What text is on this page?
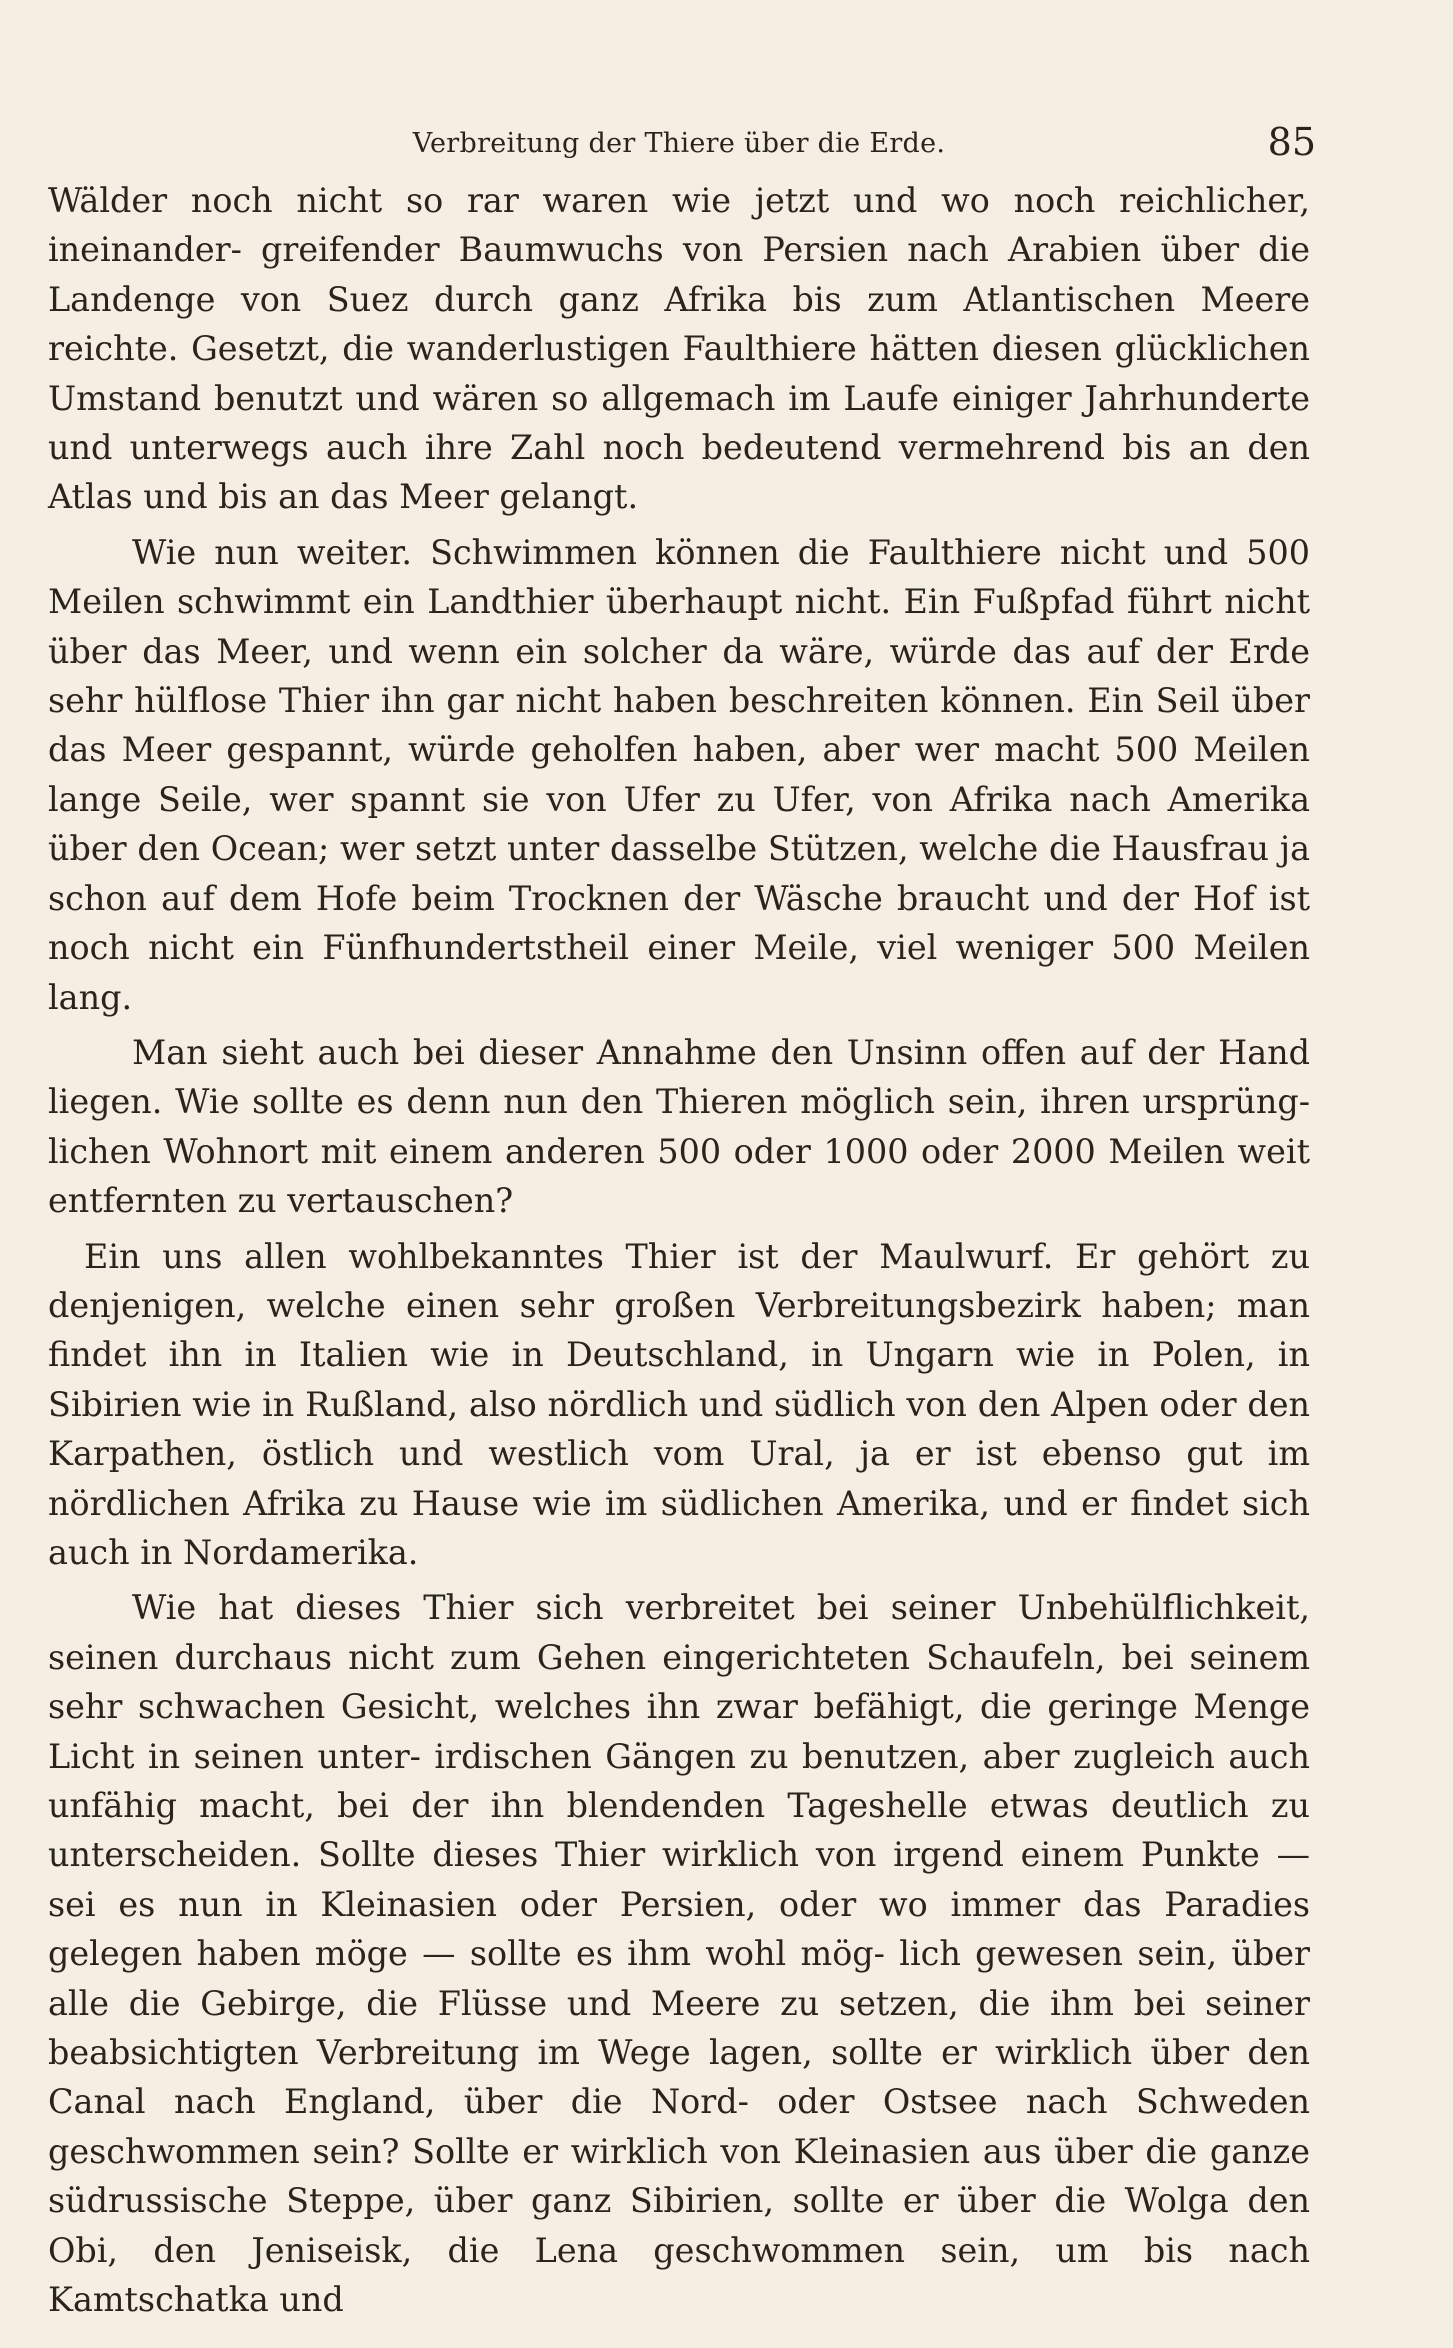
Verbreitung der Thiere über die Erde.	85

Wälder noch nicht so rar waren wie jetzt und wo noch reichlicher, ineinander- greifender Baumwuchs von Persien nach Arabien über die Landenge von Suez durch ganz Afrika bis zum Atlantischen Meere reichte. Gesetzt, die wanderlustigen Faulthiere hätten diesen glücklichen Umstand benutzt und wären so allgemach im Laufe einiger Jahrhunderte und unterwegs auch ihre Zahl noch bedeutend vermehrend bis an den Atlas und bis an das Meer gelangt.

Wie nun weiter. Schwimmen können die Faulthiere nicht und 500 Meilen schwimmt ein Landthier überhaupt nicht. Ein Fußpfad führt nicht über das Meer, und wenn ein solcher da wäre, würde das auf der Erde sehr hülflose Thier ihn gar nicht haben beschreiten können. Ein Seil über das Meer gespannt, würde geholfen haben, aber wer macht 500 Meilen lange Seile, wer spannt sie von Ufer zu Ufer, von Afrika nach Amerika über den Ocean; wer setzt unter dasselbe Stützen, welche die Hausfrau ja schon auf dem Hofe beim Trocknen der Wäsche braucht und der Hof ist noch nicht ein Fünfhundertstheil einer Meile, viel weniger 500 Meilen lang.

Man sieht auch bei dieser Annahme den Unsinn offen auf der Hand liegen. Wie sollte es denn nun den Thieren möglich sein, ihren ursprüng- lichen Wohnort mit einem anderen 500 oder 1000 oder 2000 Meilen weit entfernten zu vertauschen?

Ein uns allen wohlbekanntes Thier ist der Maulwurf. Er gehört zu denjenigen, welche einen sehr großen Verbreitungsbezirk haben; man findet ihn in Italien wie in Deutschland, in Ungarn wie in Polen, in Sibirien wie in Rußland, also nördlich und südlich von den Alpen oder den Karpathen, östlich und westlich vom Ural, ja er ist ebenso gut im nördlichen Afrika zu Hause wie im südlichen Amerika, und er findet sich auch in Nordamerika.

Wie hat dieses Thier sich verbreitet bei seiner Unbehülflichkeit, seinen durchaus nicht zum Gehen eingerichteten Schaufeln, bei seinem sehr schwachen Gesicht, welches ihn zwar befähigt, die geringe Menge Licht in seinen unter- irdischen Gängen zu benutzen, aber zugleich auch unfähig macht, bei der ihn blendenden Tageshelle etwas deutlich zu unterscheiden. Sollte dieses Thier wirklich von irgend einem Punkte — sei es nun in Kleinasien oder Persien, oder wo immer das Paradies gelegen haben möge — sollte es ihm wohl mög- lich gewesen sein, über alle die Gebirge, die Flüsse und Meere zu setzen, die ihm bei seiner beabsichtigten Verbreitung im Wege lagen, sollte er wirklich über den Canal nach England, über die Nord- oder Ostsee nach Schweden geschwommen sein? Sollte er wirklich von Kleinasien aus über die ganze südrussische Steppe, über ganz Sibirien, sollte er über die Wolga den Obi, den Jeniseisk, die Lena geschwommen sein, um bis nach Kamtschatka und
